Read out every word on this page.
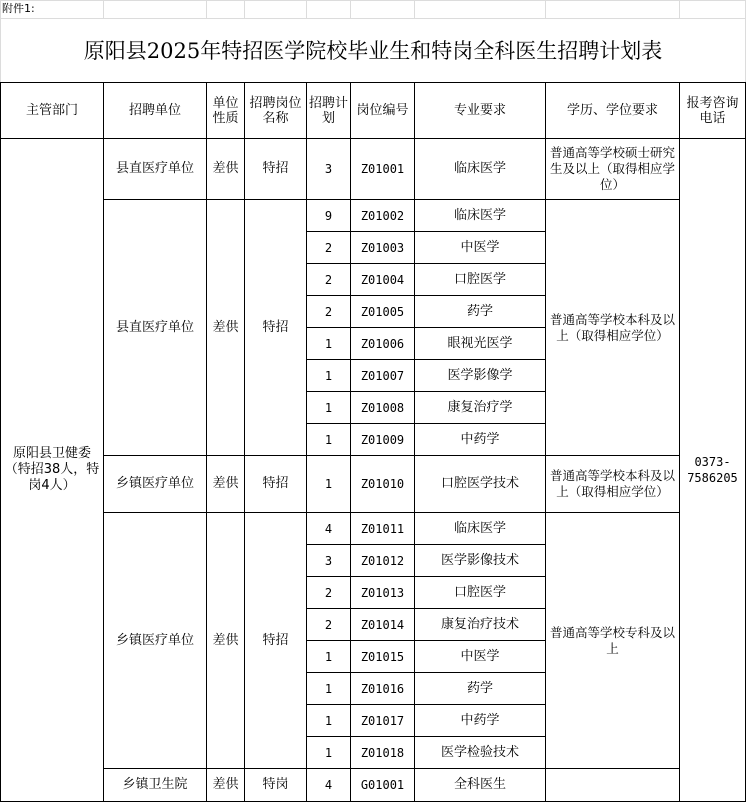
附件1:
原阳县2025年特招医学院校毕业生和特岗全科医生招聘计划表
主管部门	招聘单位	单位性质	招聘岗位名称	招聘计划	岗位编号	专业要求	学历、学位要求	报考咨询电话
原阳县卫健委（特招38人，特岗4人）	县直医疗单位	差供	特招	3	Z01001	临床医学	普通高等学校硕士研究生及以上（取得相应学位）	0373-7586205
	县直医疗单位	差供	特招	9	Z01002	临床医学	普通高等学校本科及以上（取得相应学位）	
				2	Z01003	中医学		
				2	Z01004	口腔医学		
				2	Z01005	药学		
				1	Z01006	眼视光医学		
				1	Z01007	医学影像学		
				1	Z01008	康复治疗学		
				1	Z01009	中药学		
	乡镇医疗单位	差供	特招	1	Z01010	口腔医学技术	普通高等学校本科及以上（取得相应学位）	
	乡镇医疗单位	差供	特招	4	Z01011	临床医学	普通高等学校专科及以上	
				3	Z01012	医学影像技术		
				2	Z01013	口腔医学		
				2	Z01014	康复治疗技术		
				1	Z01015	中医学		
				1	Z01016	药学		
				1	Z01017	中药学		
				1	Z01018	医学检验技术		
	乡镇卫生院	差供	特岗	4	G01001	全科医生		
